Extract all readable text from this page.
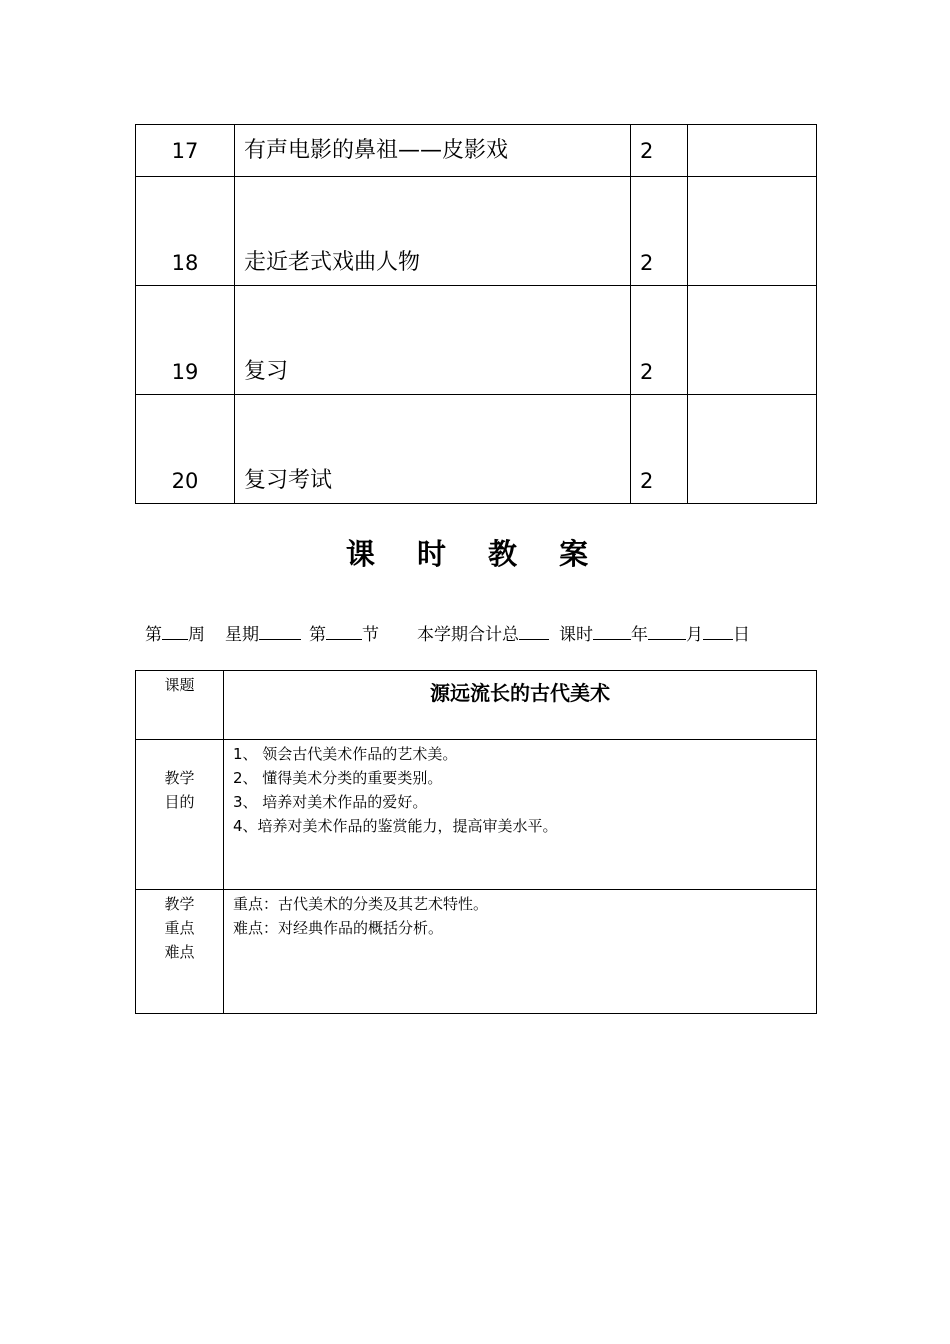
17	有声电影的鼻祖——皮影戏	2	
18	走近老式戏曲人物	2	
19	复习	2	
20	复习考试	2	
课 时 教 案
第 周 星期	第 节 本学期合计总 课时 年 月 日
课题	源远流长的古代美术

教学
目的	1、 领会古代美术作品的艺术美。
2、 懂得美术分类的重要类别。
3、 培养对美术作品的爱好。
4、培养对美术作品的鉴赏能力，提高审美水平。

教学
重点
难点	重点：古代美术的分类及其艺术特性。
难点：对经典作品的概括分析。
